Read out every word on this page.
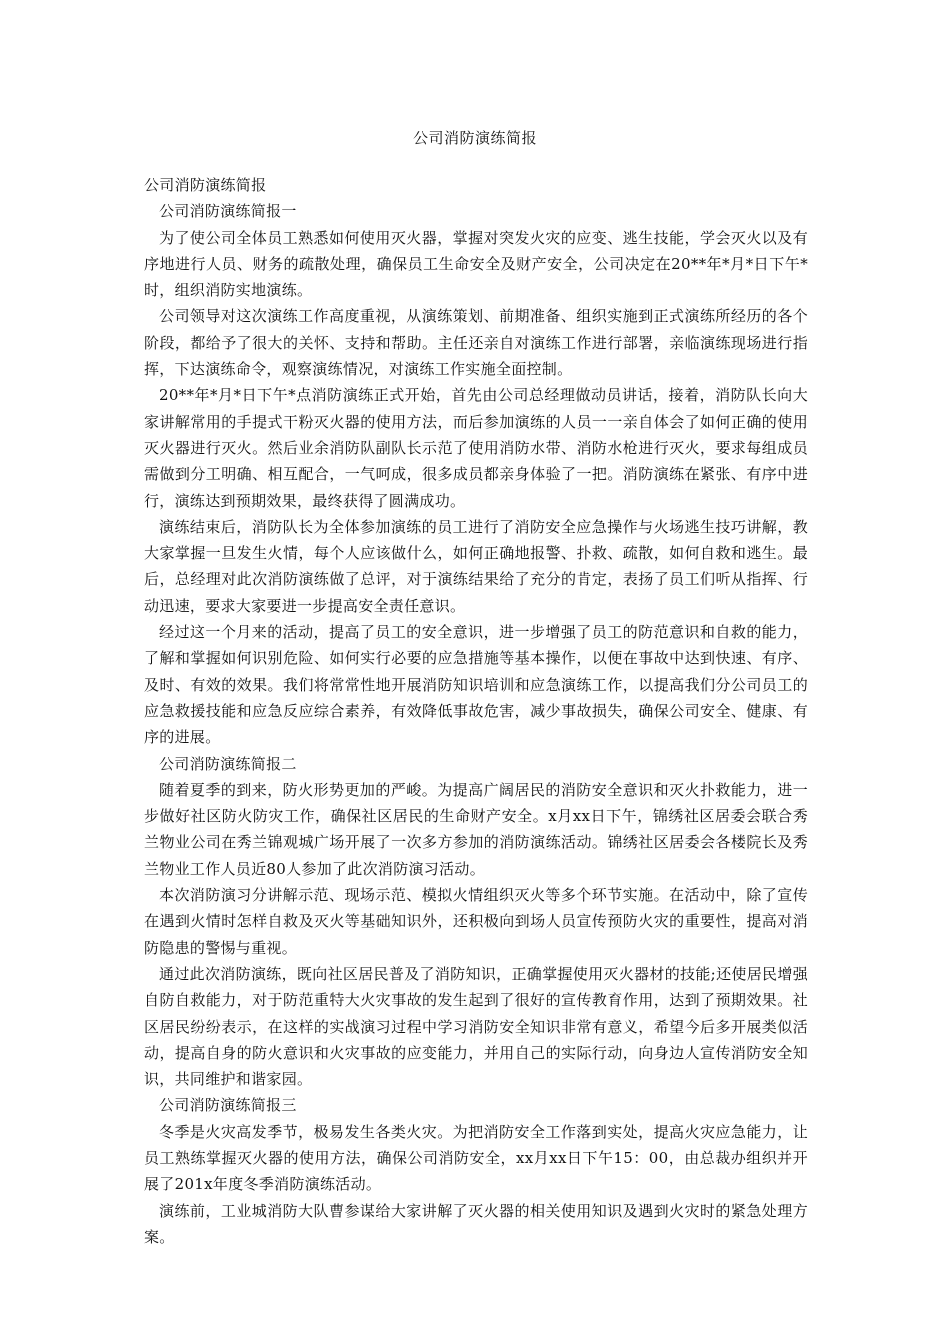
公司消防演练简报

公司消防演练简报

公司消防演练简报一

为了使公司全体员工熟悉如何使用灭火器，掌握对突发火灾的应变、逃生技能，学会灭火以及有序地进行人员、财务的疏散处理，确保员工生命安全及财产安全，公司决定在20**年*月*日下午*时，组织消防实地演练。

公司领导对这次演练工作高度重视，从演练策划、前期准备、组织实施到正式演练所经历的各个阶段，都给予了很大的关怀、支持和帮助。主任还亲自对演练工作进行部署，亲临演练现场进行指挥，下达演练命令，观察演练情况，对演练工作实施全面控制。

20**年*月*日下午*点消防演练正式开始，首先由公司总经理做动员讲话，接着，消防队长向大家讲解常用的手提式干粉灭火器的使用方法，而后参加演练的人员一一亲自体会了如何正确的使用灭火器进行灭火。然后业余消防队副队长示范了使用消防水带、消防水枪进行灭火，要求每组成员需做到分工明确、相互配合，一气呵成，很多成员都亲身体验了一把。消防演练在紧张、有序中进行，演练达到预期效果，最终获得了圆满成功。

演练结束后，消防队长为全体参加演练的员工进行了消防安全应急操作与火场逃生技巧讲解，教大家掌握一旦发生火情，每个人应该做什么，如何正确地报警、扑救、疏散，如何自救和逃生。最后，总经理对此次消防演练做了总评，对于演练结果给了充分的肯定，表扬了员工们听从指挥、行动迅速，要求大家要进一步提高安全责任意识。

经过这一个月来的活动，提高了员工的安全意识，进一步增强了员工的防范意识和自救的能力，了解和掌握如何识别危险、如何实行必要的应急措施等基本操作，以便在事故中达到快速、有序、及时、有效的效果。我们将常常性地开展消防知识培训和应急演练工作，以提高我们分公司员工的应急救援技能和应急反应综合素养，有效降低事故危害，减少事故损失，确保公司安全、健康、有序的进展。

公司消防演练简报二

随着夏季的到来，防火形势更加的严峻。为提高广阔居民的消防安全意识和灭火扑救能力，进一步做好社区防火防灾工作，确保社区居民的生命财产安全。x月xx日下午，锦绣社区居委会联合秀兰物业公司在秀兰锦观城广场开展了一次多方参加的消防演练活动。锦绣社区居委会各楼院长及秀兰物业工作人员近80人参加了此次消防演习活动。

本次消防演习分讲解示范、现场示范、模拟火情组织灭火等多个环节实施。在活动中，除了宣传在遇到火情时怎样自救及灭火等基础知识外，还积极向到场人员宣传预防火灾的重要性，提高对消防隐患的警惕与重视。

通过此次消防演练，既向社区居民普及了消防知识，正确掌握使用灭火器材的技能;还使居民增强自防自救能力，对于防范重特大火灾事故的发生起到了很好的宣传教育作用，达到了预期效果。社区居民纷纷表示，在这样的实战演习过程中学习消防安全知识非常有意义，希望今后多开展类似活动，提高自身的防火意识和火灾事故的应变能力，并用自己的实际行动，向身边人宣传消防安全知识，共同维护和谐家园。

公司消防演练简报三

冬季是火灾高发季节，极易发生各类火灾。为把消防安全工作落到实处，提高火灾应急能力，让员工熟练掌握灭火器的使用方法，确保公司消防安全，xx月xx日下午15：00，由总裁办组织并开展了201x年度冬季消防演练活动。

演练前，工业城消防大队曹参谋给大家讲解了灭火器的相关使用知识及遇到火灾时的紧急处理方案。
